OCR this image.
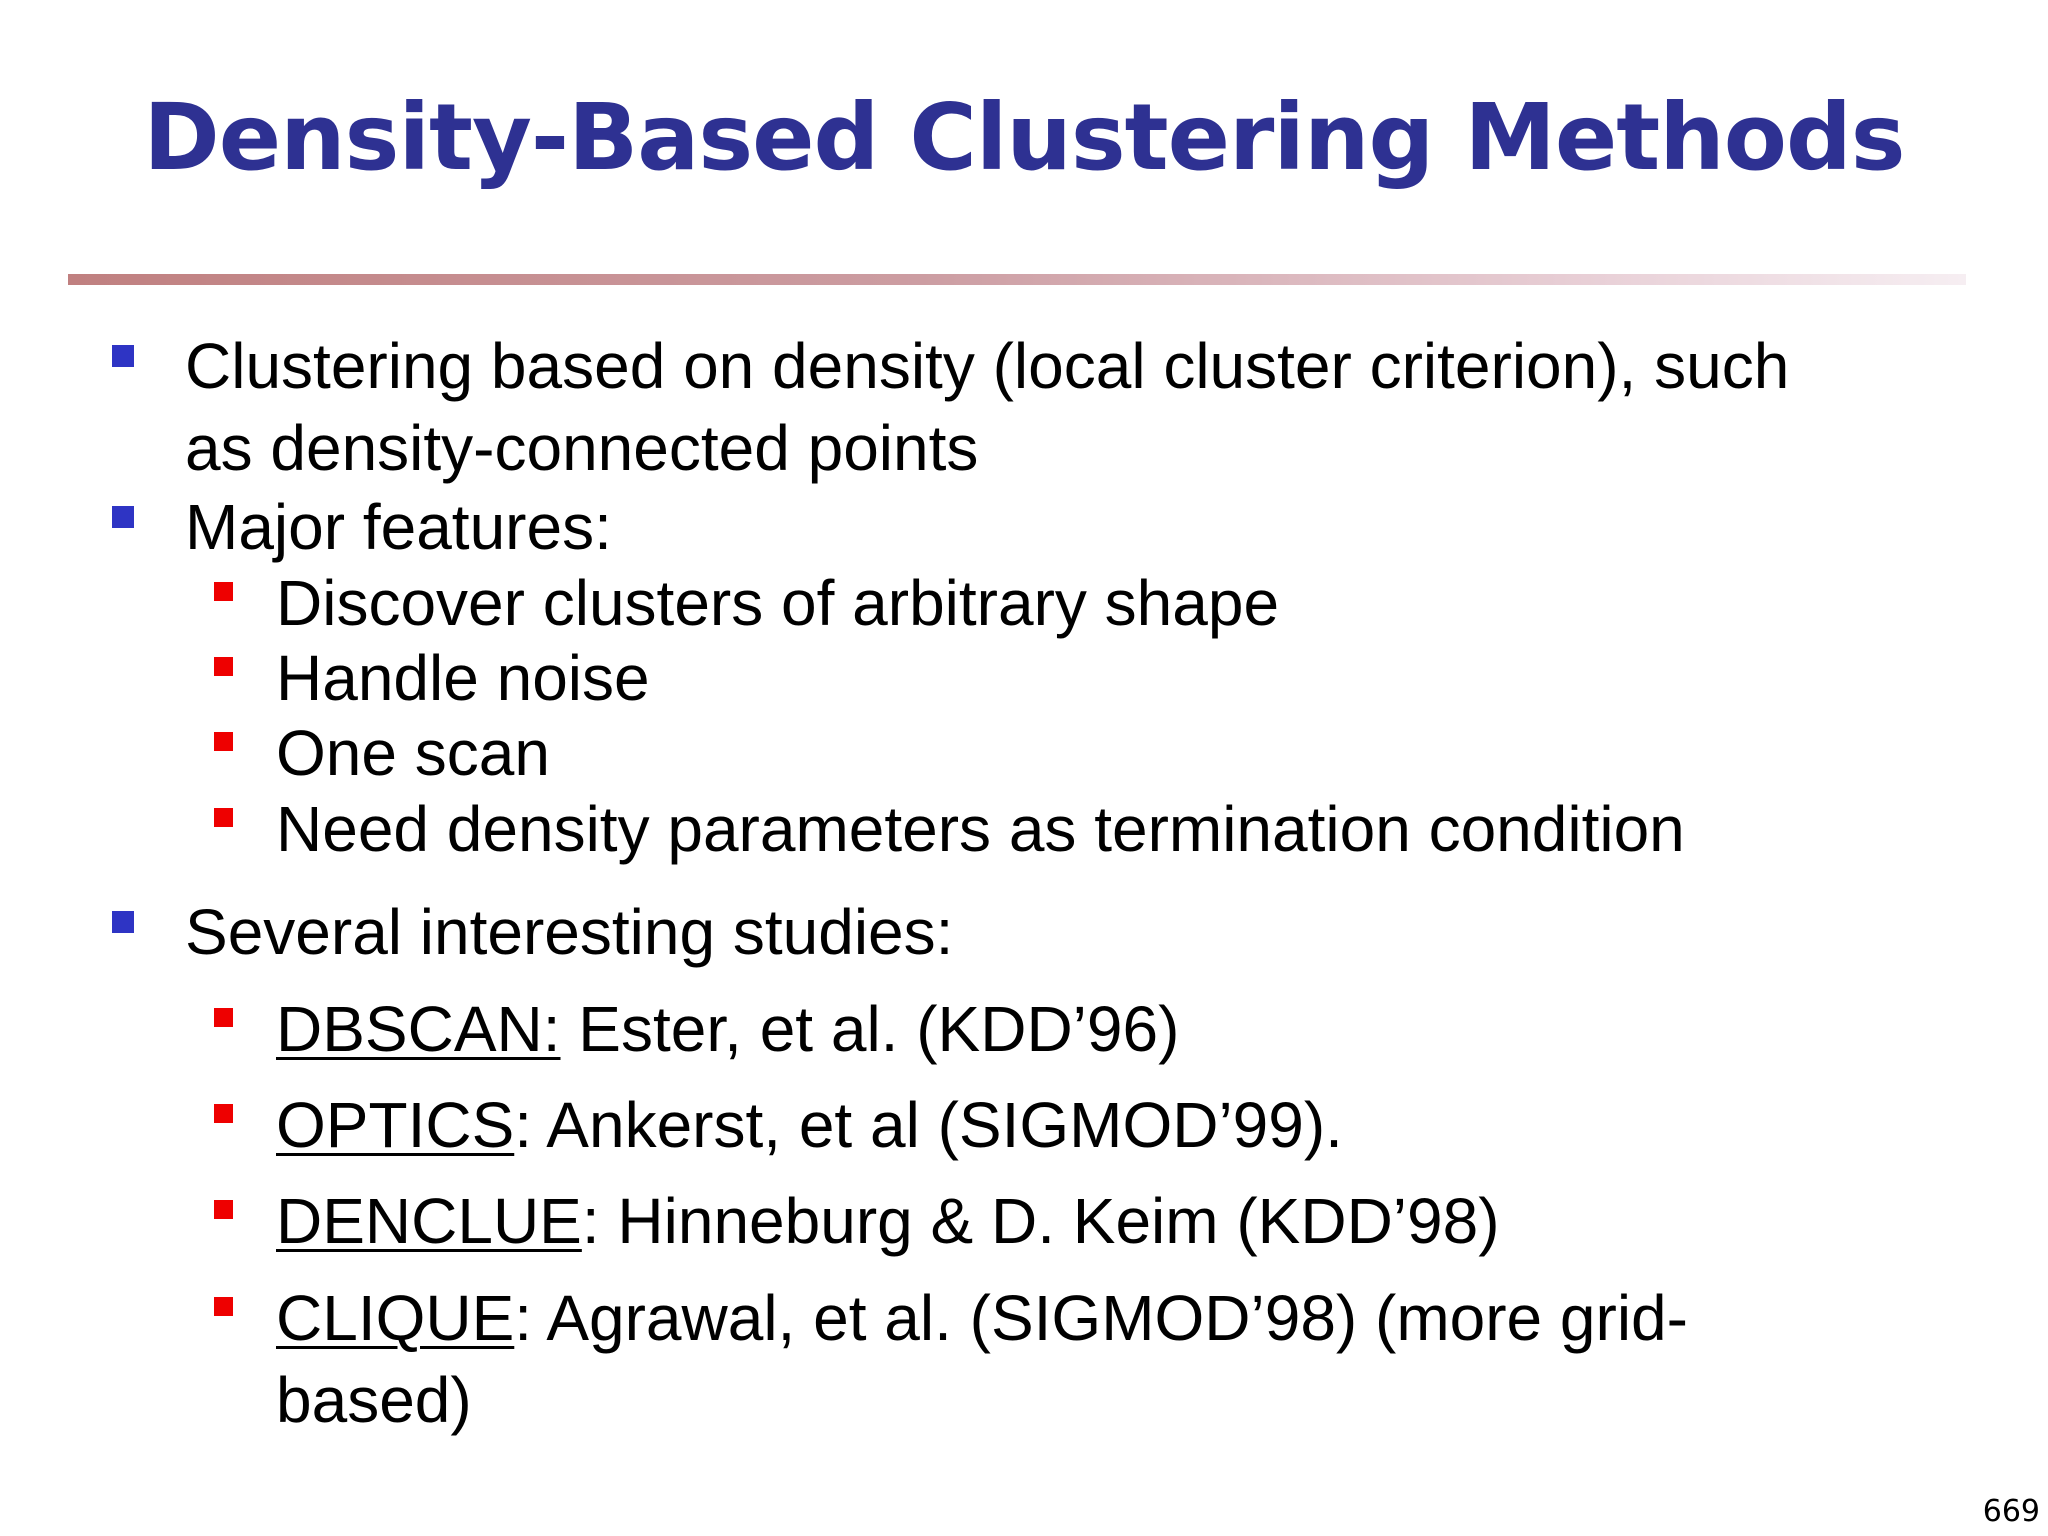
Density-Based Clustering Methods
Clustering based on density (local cluster criterion), such
as density-connected points
Major features:
Discover clusters of arbitrary shape
Handle noise
One scan
Need density parameters as termination condition
Several interesting studies:
DBSCAN: Ester, et al. (KDD’96)
OPTICS: Ankerst, et al (SIGMOD’99).
DENCLUE: Hinneburg & D. Keim (KDD’98)
CLIQUE: Agrawal, et al. (SIGMOD’98) (more grid-
based)
669
